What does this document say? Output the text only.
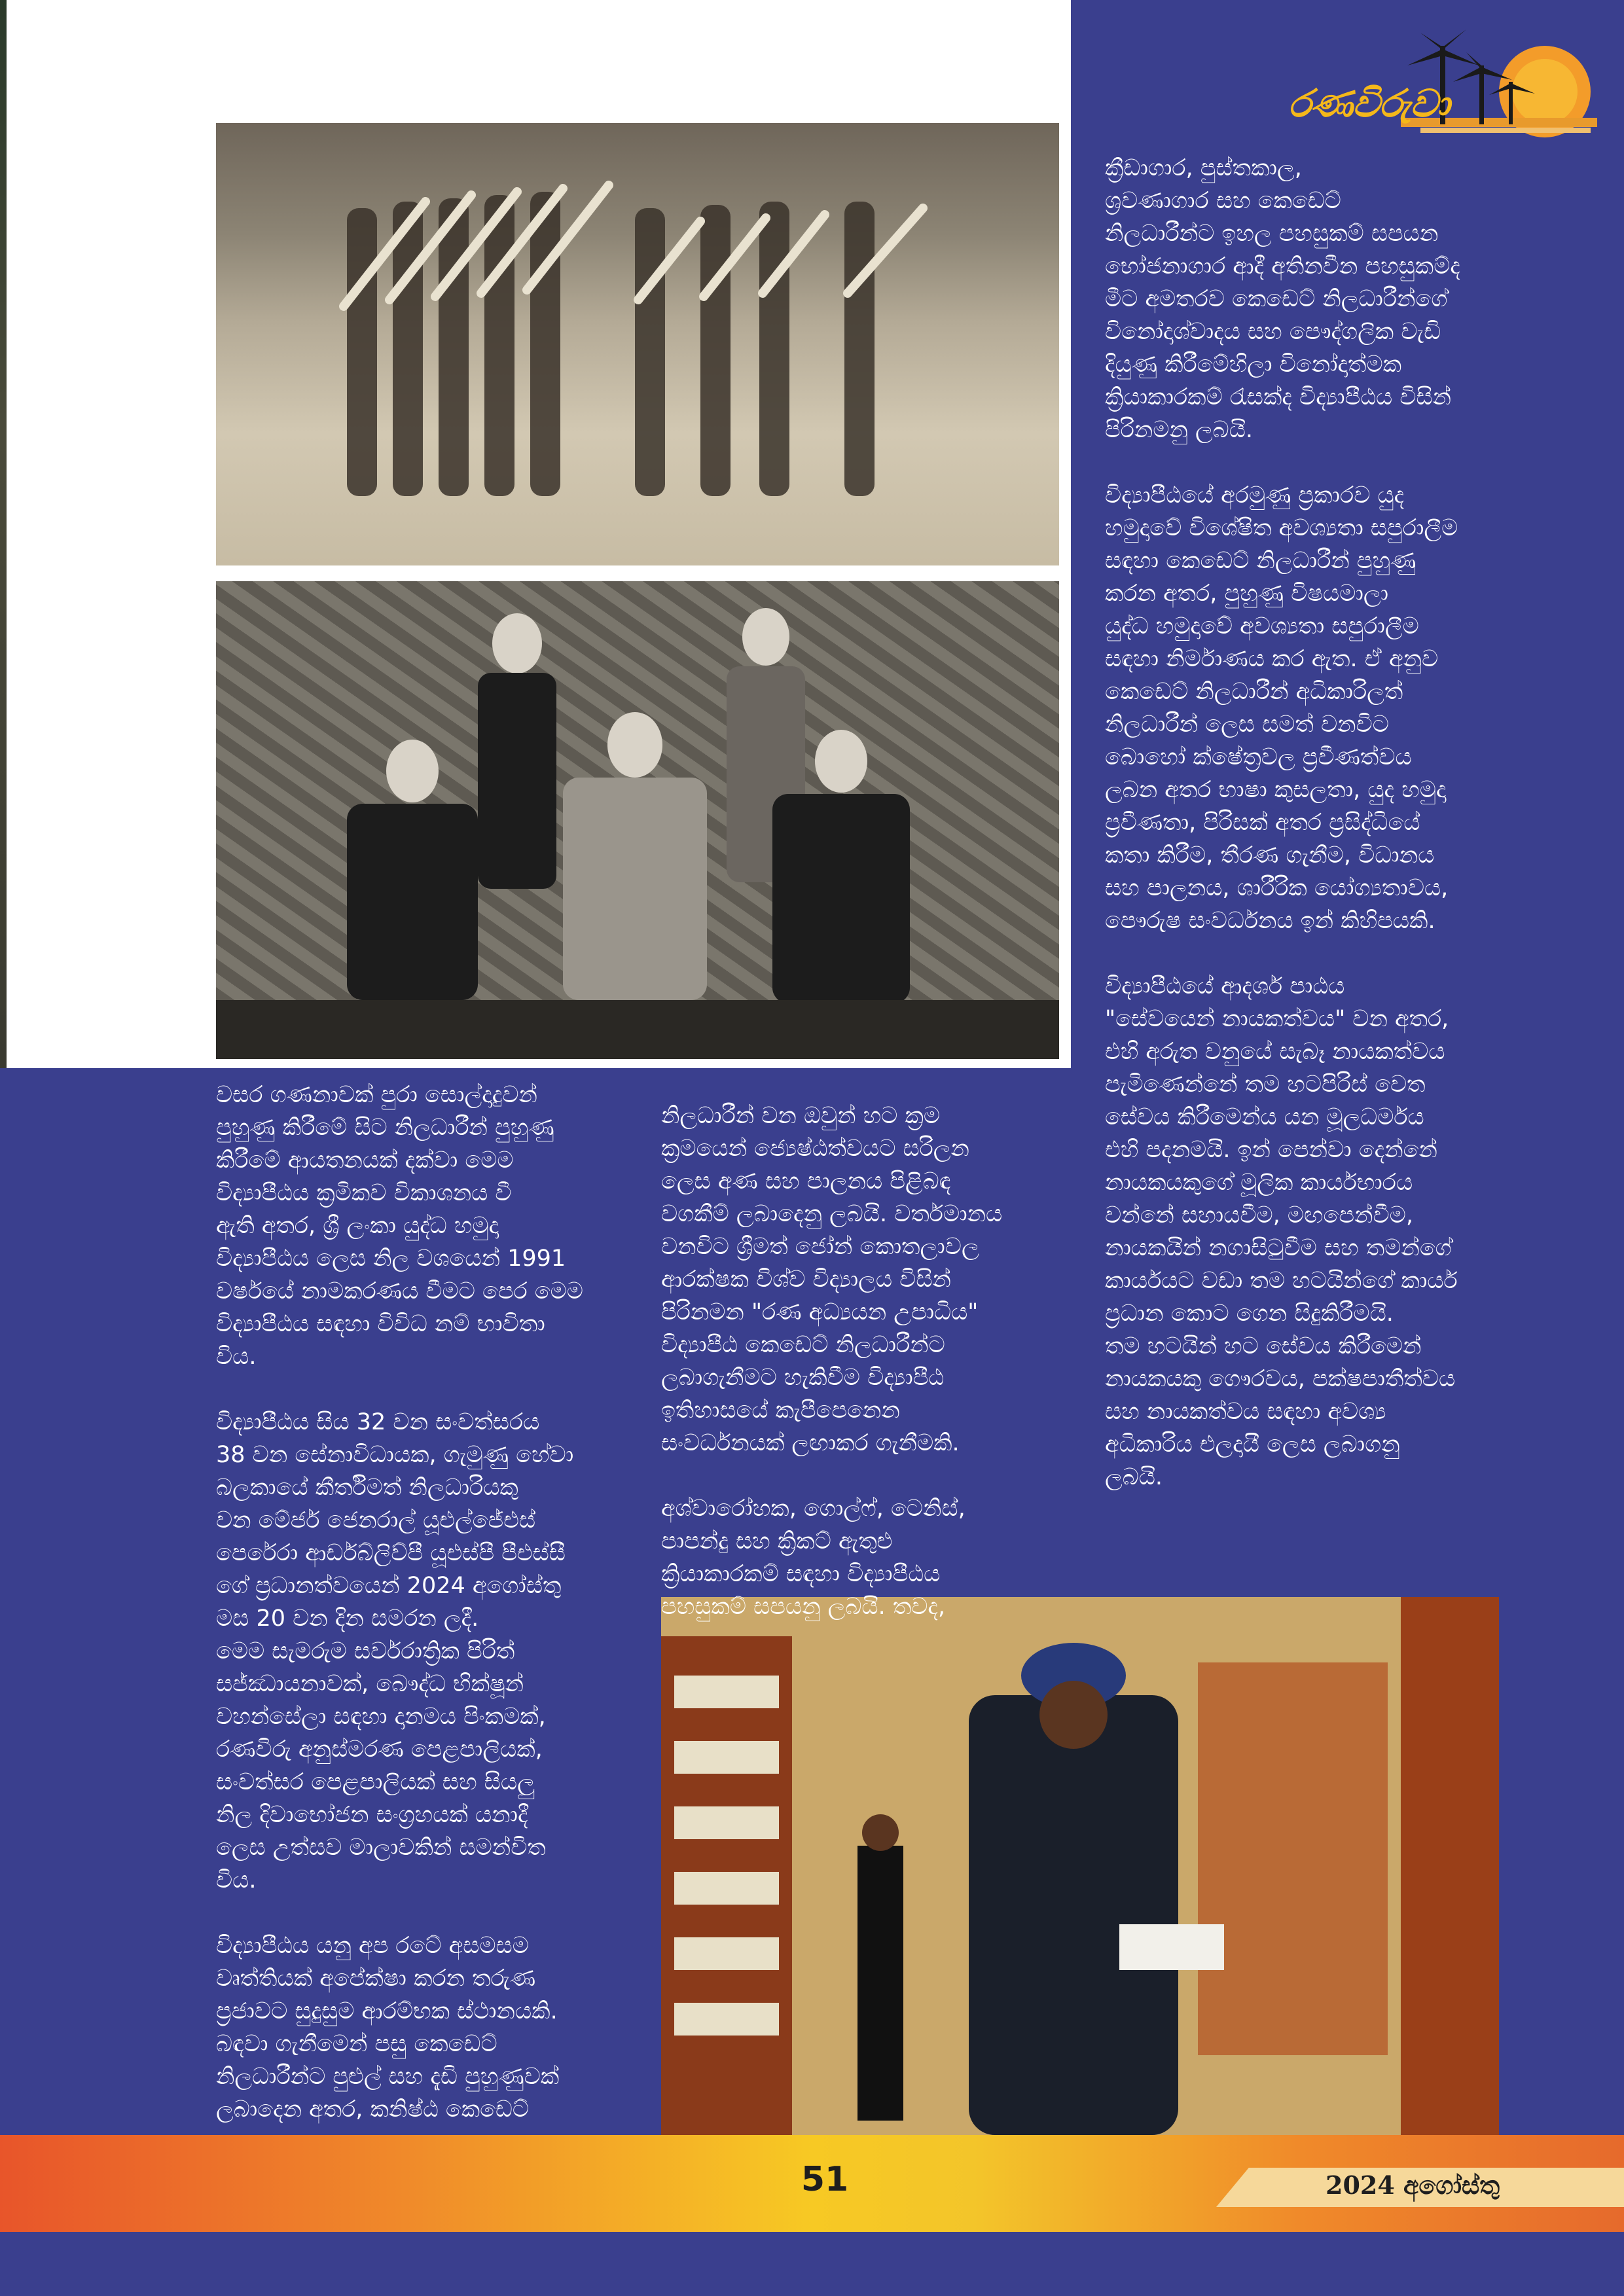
රණවිරුවා

ක්‍රීඩාගාර, පුස්තකාල,
ශ්‍රවණාගාර සහ කෙඩෙට්
නිලධාරීන්ට ඉහල පහසුකම් සපයන
භෝජනාගාර ආදී අතිනවීන පහසුකම්ද
මීට අමතරව කෙඩෙට් නිලධාරීන්ගේ
විනෝදාශ්වාදය සහ පෞද්ගලික වැඩි
දියුණු කිරීමේහිලා විනෝදාත්මක
ක්‍රියාකාරකම් රැසක්ද විද්‍යාපීඨය විසින්
පිරිනමනු ලබයි.

විද්‍යාපීඨයේ අරමුණු ප්‍රකාරව යුද
හමුදාවේ විශේෂිත අවශ්‍යතා සපුරාලීම
සඳහා කෙඩෙට් නිලධාරීන් පුහුණු
කරන අතර, පුහුණු විෂයමාලා
යුද්ධ හමුදාවේ අවශ්‍යතා සපුරාලීම
සඳහා නිර්මාණය කර ඇත. ඒ අනුව
කෙඩෙට් නිලධාරීන් අධිකාරිලත්
නිලධාරීන් ලෙස සමත් වනවිට
බොහෝ ක්ෂේත්‍රවල ප්‍රවීණත්වය
ලබන අතර භාෂා කුසලතා, යුද හමුදා
ප්‍රවීණතා, පිරිසක් අතර ප්‍රසිද්ධියේ
කතා කිරීම, තීරණ ගැනීම, විධානය
සහ පාලනය, ශාරීරික යෝග්‍යතාවය,
පෞරුෂ සංවර්ධනය ඉන් කිහිපයකි.

විද්‍යාපීඨයේ ආදර්ශ පාඨය
"සේවයෙන් නායකත්වය" වන අතර,
එහි අරුත වනුයේ සැබෑ නායකත්වය
පැමිණෙන්නේ තම හටපිරිස් වෙත
සේවය කිරීමෙන්ය යන මූලධර්මය
එහි පදනමයි. ඉන් පෙන්වා දෙන්නේ
නායකයකුගේ මූලික කාර්යභාරය
වන්නේ සහායවීම, මඟපෙන්වීම,
නායකයින් නගාසිටුවීම සහ තමන්ගේ
කාර්යයට වඩා තම හටයින්ගේ කාර්ය
ප්‍රධාන කොට ගෙන සිදුකිරීමයි.
තම හටයින් හට සේවය කිරීමෙන්
නායකයකු ගෞරවය, පක්ෂපාතීත්වය
සහ නායකත්වය සඳහා අවශ්‍ය
අධිකාරිය එලදායී ලෙස ලබාගනු
ලබයි.

වසර ගණනාවක් පුරා සොල්දාදුවන්
පුහුණු කිරීමේ සිට නිලධාරීන් පුහුණු
කිරීමේ ආයතනයක් දක්වා මෙම
විද්‍යාපීඨය ක්‍රමිකව විකාශනය වී
ඇති අතර, ශ්‍රී ලංකා යුද්ධ හමුදා
විද්‍යාපීඨය ලෙස නිල වශයෙන් 1991
වර්ෂයේ නාමකරණය වීමට පෙර මෙම
විද්‍යාපීඨය සඳහා විවිධ නම් භාවිතා
විය.

විද්‍යාපීඨය සිය 32 වන සංවත්සරය
38 වන සේනාවිධායක, ගැමුණු හේවා
බලකායේ කීර්තිමත් නිලධාරියකු
වන මේජර් ජෙනරාල් යූඑල්ජේඑස්
පෙරේරා ආර්ඩබ්ලිව්පී යූඑස්පී පීඑස්සී
ගේ ප්‍රධානත්වයෙන් 2024 අගෝස්තු
මස 20 වන දින සමරන ලදී.
මෙම සැමරුම සර්වරාත්‍රික පිරිත්
සජ්ඣායනාවක්, බෞද්ධ භික්ෂූන්
වහන්සේලා සඳහා දානමය පිංකමක්,
රණවිරු අනුස්මරණ පෙළපාලියක්,
සංවත්සර පෙළපාලියක් සහ සියලු
නිල දිවාභෝජන සංග්‍රහයක් යනාදී
ලෙස උත්සව මාලාවකින් සමන්විත
විය.

විද්‍යාපීඨය යනු අප රටේ අසමසම
වෘත්තියක් අපේක්ෂා කරන තරුණ
ප්‍රජාවට සුදුසුම ආරම්භක ස්ථානයකි.
බඳවා ගැනීමෙන් පසු කෙඩෙට්
නිලධාරීන්ට පුළුල් සහ දැඩි පුහුණුවක්
ලබාදෙන අතර, කනිෂ්ඨ කෙඩෙට්

නිලධාරීන් වන ඔවුන් හට ක්‍රම
ක්‍රමයෙන් ජ්‍යෙෂ්ඨත්වයට සරිලන
ලෙස අණ සහ පාලනය පිළිබඳ
වගකීම් ලබාදෙනු ලබයි. වර්තමානය
වනවිට ශ්‍රීමත් ජෝන් කොතලාවල
ආරක්ෂක විශ්ව විද්‍යාලය විසින්
පිරිනමන "රණ අධ්‍යයන උපාධිය"
විද්‍යාපීඨ කෙඩෙට් නිලධාරීන්ට
ලබාගැනීමට හැකිවීම විද්‍යාපීඨ
ඉතිහාසයේ කැපීපෙනෙන
සංවර්ධනයක් ලඟාකර ගැනීමකි.

අශ්වාරෝහක, ගොල්ෆ්, ටෙනිස්,
පාපන්දු සහ ක්‍රිකට් ඇතුළු
ක්‍රියාකාරකම් සඳහා විද්‍යාපීඨය
පහසුකම් සපයනු ලබයි. තවද,

51	2024 අගෝස්තු
